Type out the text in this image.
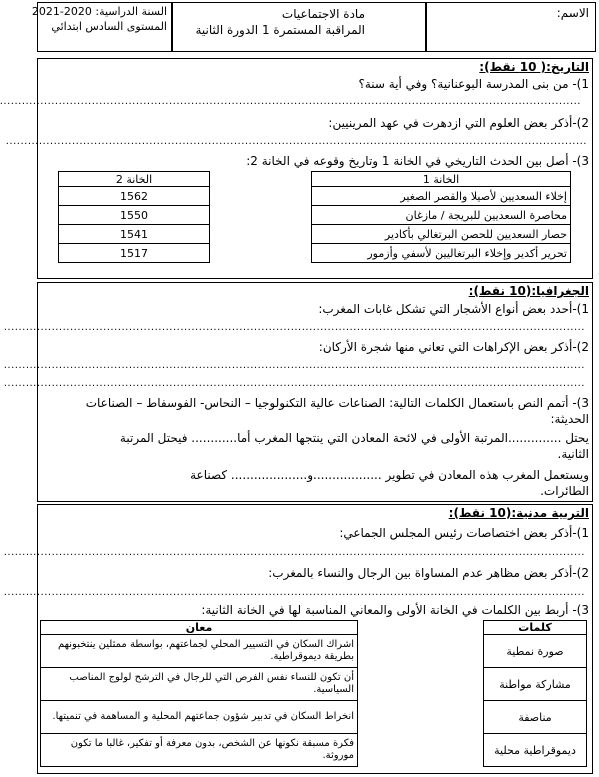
الاسم:
مادة الاجتماعيات
المراقبة المستمرة 1 الدورة الثانية
السنة الدراسية: 2020-2021
المستوى السادس ابتدائي
التاريخ:( 10 نقط):
1)- من بنى المدرسة البوعنانية؟ وفي أية سنة؟
..............................................................................................................................................................
2)-أذكر بعض العلوم التي ازدهرت في عهد المرينيين:
..............................................................................................................................................................
3)- أصل بين الحدث التاريخي في الخانة 1 وتاريخ وقوعه في الخانة 2:
الخانة 1
إخلاء السعديين لأصيلا والقصر الصغير
محاصرة السعديين للبريجة / مازغان
حصار السعديين للحصن البرتغالي بأكادير
تحرير أكدير وإخلاء البرتغاليين لأسفي وأزمور
الخانة 2
1562
1550
1541
1517
الجغرافيا:(10 نقط):
1)-أحدد بعض أنواع الأشجار التي تشكل غابات المغرب:
..............................................................................................................................................................
2)-أذكر بعض الإكراهات التي تعاني منها شجرة الأركان:
..............................................................................................................................................................
..............................................................................................................................................................
3)- أتمم النص باستعمال الكلمات التالية: الصناعات عالية التكنولوجيا – النحاس- الفوسفاط – الصناعات
الحديثة:
يحتل ..............المرتبة الأولى في لائحة المعادن التي ينتجها المغرب أما............ فيحتل المرتبة
الثانية.
ويستعمل المغرب هذه المعادن في تطوير ..................و.................... كصناعة
الطائرات.
التربية مدنية:(10 نقط):
1)-أذكر بعض اختصاصات رئيس المجلس الجماعي:
..............................................................................................................................................................
2)-أذكر بعض مظاهر عدم المساواة بين الرجال والنساء بالمغرب:
..............................................................................................................................................................
3)- أربط بين الكلمات في الخانة الأولى والمعاني المناسبة لها في الخانة الثانية:
كلمات
صورة نمطية
مشاركة مواطنة
مناصفة
ديموقراطية محلية
معان
اشراك السكان في التسيير المحلي لجماعتهم، بواسطة ممثلين ينتخبونهم بطريقة ديموقراطية.
أن تكون للنساء نفس الفرص التي للرجال في الترشح لولوج المناصب السياسية.
انخراط السكان في تدبير شؤون جماعتهم المحلية و المساهمة في تنميتها.
فكرة مسبقة نكونها عن الشخص، بدون معرفة أو تفكير، غالبا ما تكون موروثة.
